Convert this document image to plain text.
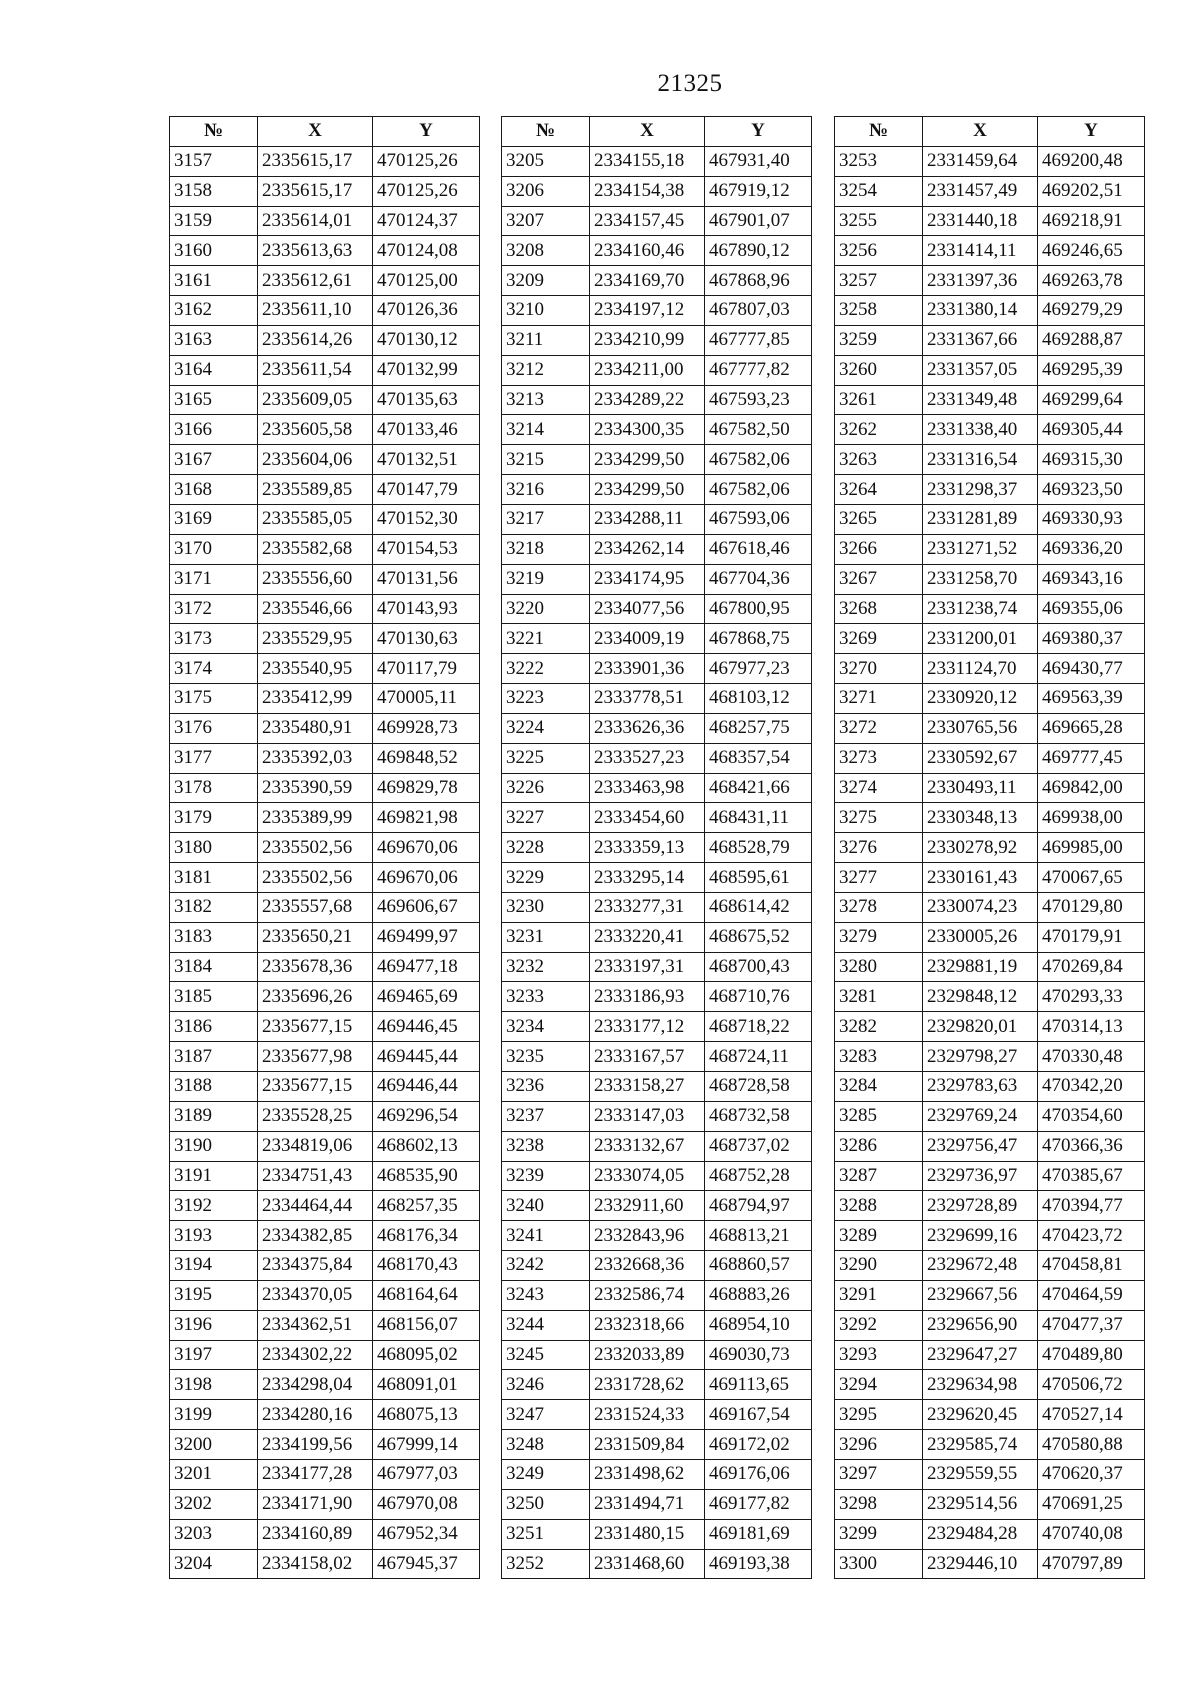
21325
№	X	Y
3157	2335615,17	470125,26
3158	2335615,17	470125,26
3159	2335614,01	470124,37
3160	2335613,63	470124,08
3161	2335612,61	470125,00
3162	2335611,10	470126,36
3163	2335614,26	470130,12
3164	2335611,54	470132,99
3165	2335609,05	470135,63
3166	2335605,58	470133,46
3167	2335604,06	470132,51
3168	2335589,85	470147,79
3169	2335585,05	470152,30
3170	2335582,68	470154,53
3171	2335556,60	470131,56
3172	2335546,66	470143,93
3173	2335529,95	470130,63
3174	2335540,95	470117,79
3175	2335412,99	470005,11
3176	2335480,91	469928,73
3177	2335392,03	469848,52
3178	2335390,59	469829,78
3179	2335389,99	469821,98
3180	2335502,56	469670,06
3181	2335502,56	469670,06
3182	2335557,68	469606,67
3183	2335650,21	469499,97
3184	2335678,36	469477,18
3185	2335696,26	469465,69
3186	2335677,15	469446,45
3187	2335677,98	469445,44
3188	2335677,15	469446,44
3189	2335528,25	469296,54
3190	2334819,06	468602,13
3191	2334751,43	468535,90
3192	2334464,44	468257,35
3193	2334382,85	468176,34
3194	2334375,84	468170,43
3195	2334370,05	468164,64
3196	2334362,51	468156,07
3197	2334302,22	468095,02
3198	2334298,04	468091,01
3199	2334280,16	468075,13
3200	2334199,56	467999,14
3201	2334177,28	467977,03
3202	2334171,90	467970,08
3203	2334160,89	467952,34
3204	2334158,02	467945,37
№	X	Y
3205	2334155,18	467931,40
3206	2334154,38	467919,12
3207	2334157,45	467901,07
3208	2334160,46	467890,12
3209	2334169,70	467868,96
3210	2334197,12	467807,03
3211	2334210,99	467777,85
3212	2334211,00	467777,82
3213	2334289,22	467593,23
3214	2334300,35	467582,50
3215	2334299,50	467582,06
3216	2334299,50	467582,06
3217	2334288,11	467593,06
3218	2334262,14	467618,46
3219	2334174,95	467704,36
3220	2334077,56	467800,95
3221	2334009,19	467868,75
3222	2333901,36	467977,23
3223	2333778,51	468103,12
3224	2333626,36	468257,75
3225	2333527,23	468357,54
3226	2333463,98	468421,66
3227	2333454,60	468431,11
3228	2333359,13	468528,79
3229	2333295,14	468595,61
3230	2333277,31	468614,42
3231	2333220,41	468675,52
3232	2333197,31	468700,43
3233	2333186,93	468710,76
3234	2333177,12	468718,22
3235	2333167,57	468724,11
3236	2333158,27	468728,58
3237	2333147,03	468732,58
3238	2333132,67	468737,02
3239	2333074,05	468752,28
3240	2332911,60	468794,97
3241	2332843,96	468813,21
3242	2332668,36	468860,57
3243	2332586,74	468883,26
3244	2332318,66	468954,10
3245	2332033,89	469030,73
3246	2331728,62	469113,65
3247	2331524,33	469167,54
3248	2331509,84	469172,02
3249	2331498,62	469176,06
3250	2331494,71	469177,82
3251	2331480,15	469181,69
3252	2331468,60	469193,38
№	X	Y
3253	2331459,64	469200,48
3254	2331457,49	469202,51
3255	2331440,18	469218,91
3256	2331414,11	469246,65
3257	2331397,36	469263,78
3258	2331380,14	469279,29
3259	2331367,66	469288,87
3260	2331357,05	469295,39
3261	2331349,48	469299,64
3262	2331338,40	469305,44
3263	2331316,54	469315,30
3264	2331298,37	469323,50
3265	2331281,89	469330,93
3266	2331271,52	469336,20
3267	2331258,70	469343,16
3268	2331238,74	469355,06
3269	2331200,01	469380,37
3270	2331124,70	469430,77
3271	2330920,12	469563,39
3272	2330765,56	469665,28
3273	2330592,67	469777,45
3274	2330493,11	469842,00
3275	2330348,13	469938,00
3276	2330278,92	469985,00
3277	2330161,43	470067,65
3278	2330074,23	470129,80
3279	2330005,26	470179,91
3280	2329881,19	470269,84
3281	2329848,12	470293,33
3282	2329820,01	470314,13
3283	2329798,27	470330,48
3284	2329783,63	470342,20
3285	2329769,24	470354,60
3286	2329756,47	470366,36
3287	2329736,97	470385,67
3288	2329728,89	470394,77
3289	2329699,16	470423,72
3290	2329672,48	470458,81
3291	2329667,56	470464,59
3292	2329656,90	470477,37
3293	2329647,27	470489,80
3294	2329634,98	470506,72
3295	2329620,45	470527,14
3296	2329585,74	470580,88
3297	2329559,55	470620,37
3298	2329514,56	470691,25
3299	2329484,28	470740,08
3300	2329446,10	470797,89
